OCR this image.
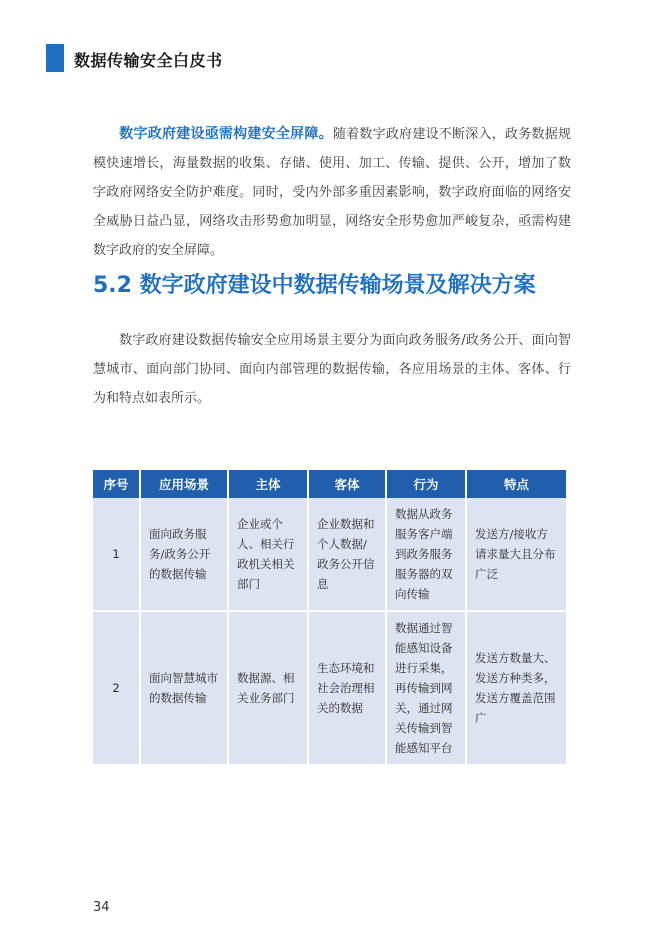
数据传输安全白皮书
数字政府建设亟需构建安全屏障。随着数字政府建设不断深入，政务数据规模快速增长，海量数据的收集、存储、使用、加工、传输、提供、公开，增加了数字政府网络安全防护难度。同时，受内外部多重因素影响，数字政府面临的网络安全威胁日益凸显，网络攻击形势愈加明显，网络安全形势愈加严峻复杂，亟需构建数字政府的安全屏障。
5.2 数字政府建设中数据传输场景及解决方案
数字政府建设数据传输安全应用场景主要分为面向政务服务/政务公开、面向智慧城市、面向部门协同、面向内部管理的数据传输，各应用场景的主体、客体、行为和特点如表所示。
序号	应用场景	主体	客体	行为	特点
1	面向政务服务/政务公开的数据传输	企业或个人、相关行政机关相关部门	企业数据和个人数据/政务公开信息	数据从政务服务客户端到政务服务服务器的双向传输	发送方/接收方请求量大且分布广泛
2	面向智慧城市的数据传输	数据源、相关业务部门	生态环境和社会治理相关的数据	数据通过智能感知设备进行采集，再传输到网关，通过网关传输到智能感知平台	发送方数量大、发送方种类多，发送方覆盖范围广
34
